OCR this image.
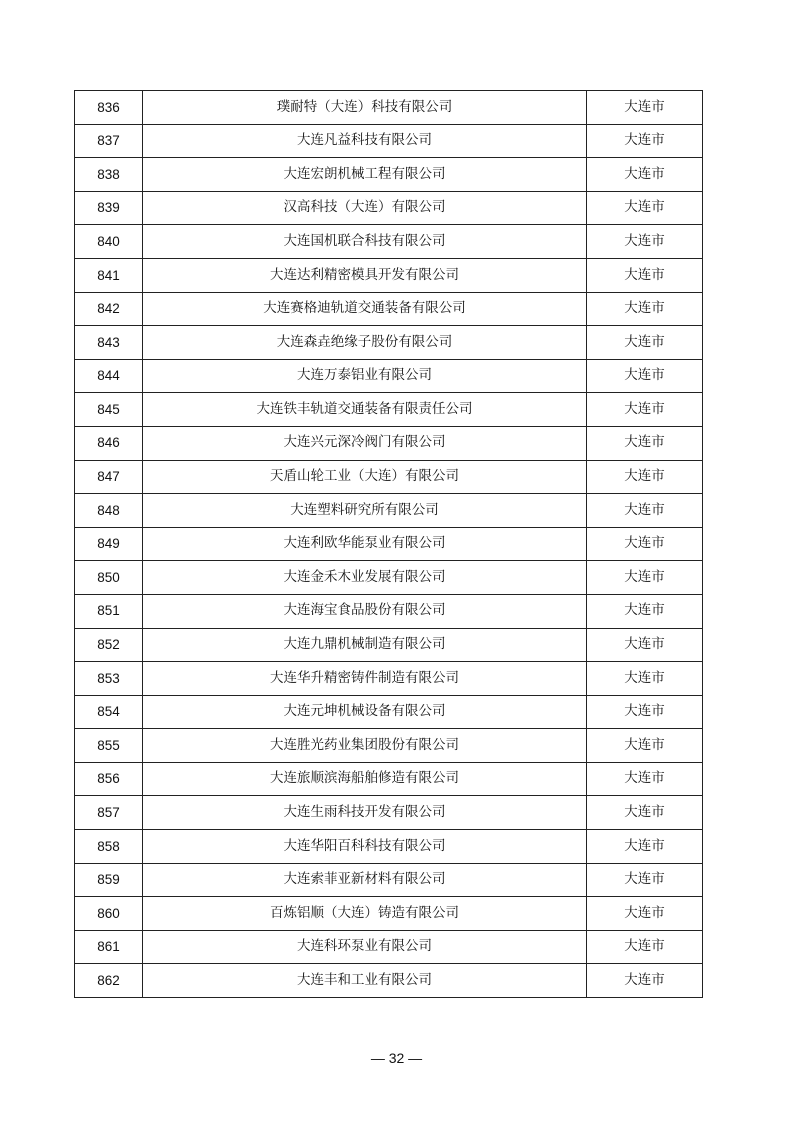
836	璞耐特（大连）科技有限公司	大连市
837	大连凡益科技有限公司	大连市
838	大连宏朗机械工程有限公司	大连市
839	汉高科技（大连）有限公司	大连市
840	大连国机联合科技有限公司	大连市
841	大连达利精密模具开发有限公司	大连市
842	大连赛格迪轨道交通装备有限公司	大连市
843	大连森垚绝缘子股份有限公司	大连市
844	大连万泰铝业有限公司	大连市
845	大连铁丰轨道交通装备有限责任公司	大连市
846	大连兴元深冷阀门有限公司	大连市
847	天盾山轮工业（大连）有限公司	大连市
848	大连塑料研究所有限公司	大连市
849	大连利欧华能泵业有限公司	大连市
850	大连金禾木业发展有限公司	大连市
851	大连海宝食品股份有限公司	大连市
852	大连九鼎机械制造有限公司	大连市
853	大连华升精密铸件制造有限公司	大连市
854	大连元坤机械设备有限公司	大连市
855	大连胜光药业集团股份有限公司	大连市
856	大连旅顺滨海船舶修造有限公司	大连市
857	大连生雨科技开发有限公司	大连市
858	大连华阳百科科技有限公司	大连市
859	大连索菲亚新材料有限公司	大连市
860	百炼铝顺（大连）铸造有限公司	大连市
861	大连科环泵业有限公司	大连市
862	大连丰和工业有限公司	大连市
— 32 —
